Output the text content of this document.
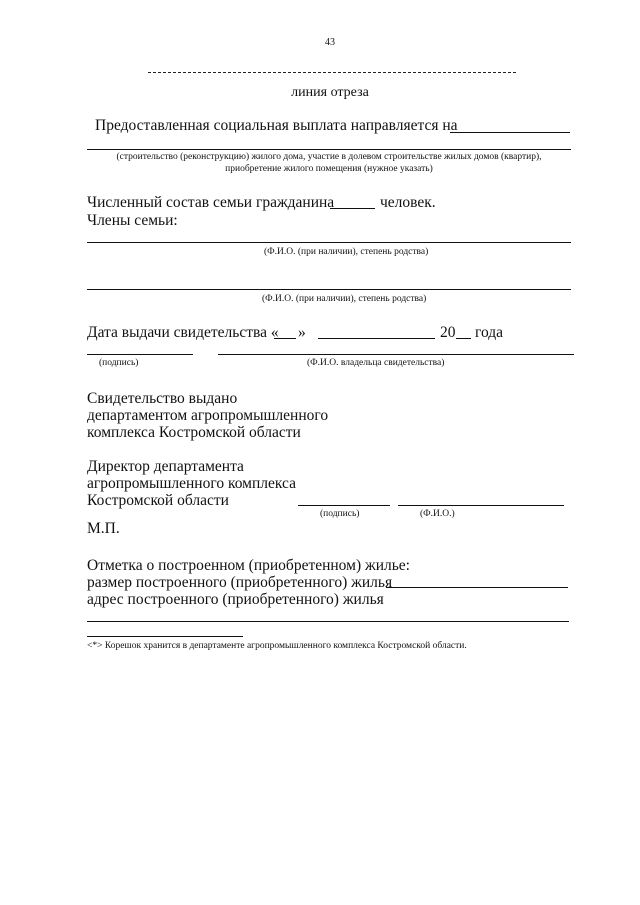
43
линия отреза
Предоставленная социальная выплата направляется на
(строительство (реконструкцию) жилого дома, участие в долевом строительстве жилых домов (квартир),
приобретение жилого помещения (нужное указать)
Численный состав семьи гражданина	человек.
Члены семьи:
(Ф.И.О. (при наличии), степень родства)
(Ф.И.О. (при наличии), степень родства)
Дата выдачи свидетельства « »	20 года
(подпись)	(Ф.И.О. владельца свидетельства)
Свидетельство выдано
департаментом агропромышленного
комплекса Костромской области
Директор департамента
агропромышленного комплекса
Костромской области
(подпись)	(Ф.И.О.)
М.П.
Отметка о построенном (приобретенном) жилье:
размер построенного (приобретенного) жилья
адрес построенного (приобретенного) жилья
<*> Корешок хранится в департаменте агропромышленного комплекса Костромской области.
